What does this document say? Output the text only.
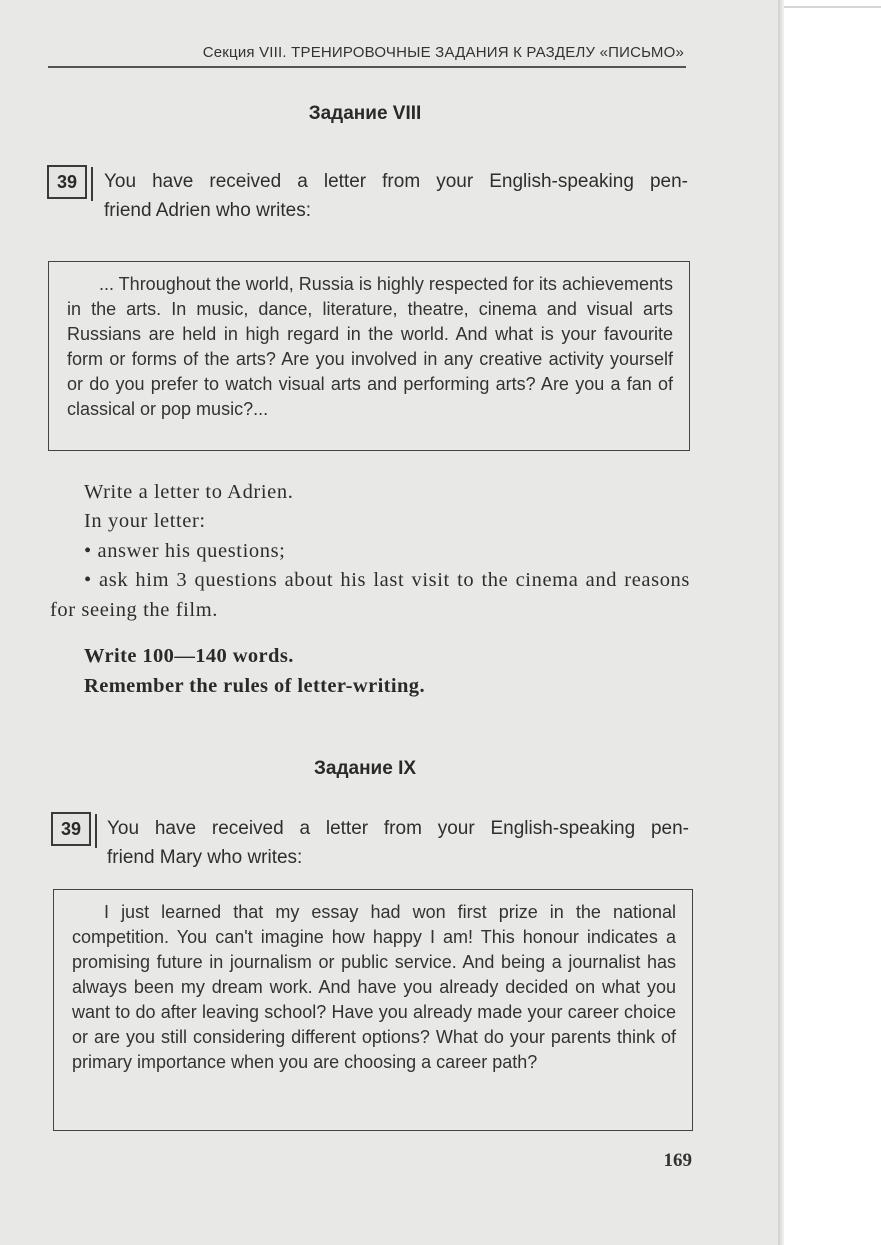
Секция VIII. ТРЕНИРОВОЧНЫЕ ЗАДАНИЯ К РАЗДЕЛУ «ПИСЬМО»
Задание VIII
39	You have received a letter from your English-speaking pen-
friend Adrien who writes:
... Throughout the world, Russia is highly respected for its achievements in the arts. In music, dance, literature, theatre, cinema and visual arts Russians are held in high regard in the world. And what is your favourite form or forms of the arts? Are you involved in any creative activity yourself or do you prefer to watch visual arts and performing arts? Are you a fan of classical or pop music?...

Write a letter to Adrien.

In your letter:

• answer his questions;

• ask him 3 questions about his last visit to the cinema and reasons for seeing the film.

Write 100—140 words.

Remember the rules of letter-writing.

Задание IX
39	You have received a letter from your English-speaking pen-
friend Mary who writes:
I just learned that my essay had won first prize in the national competition. You can't imagine how happy I am! This honour indicates a promising future in journalism or public service. And being a journalist has always been my dream work. And have you already decided on what you want to do after leaving school? Have you already made your career choice or are you still considering different options? What do your parents think of primary importance when you are choosing a career path?
169
